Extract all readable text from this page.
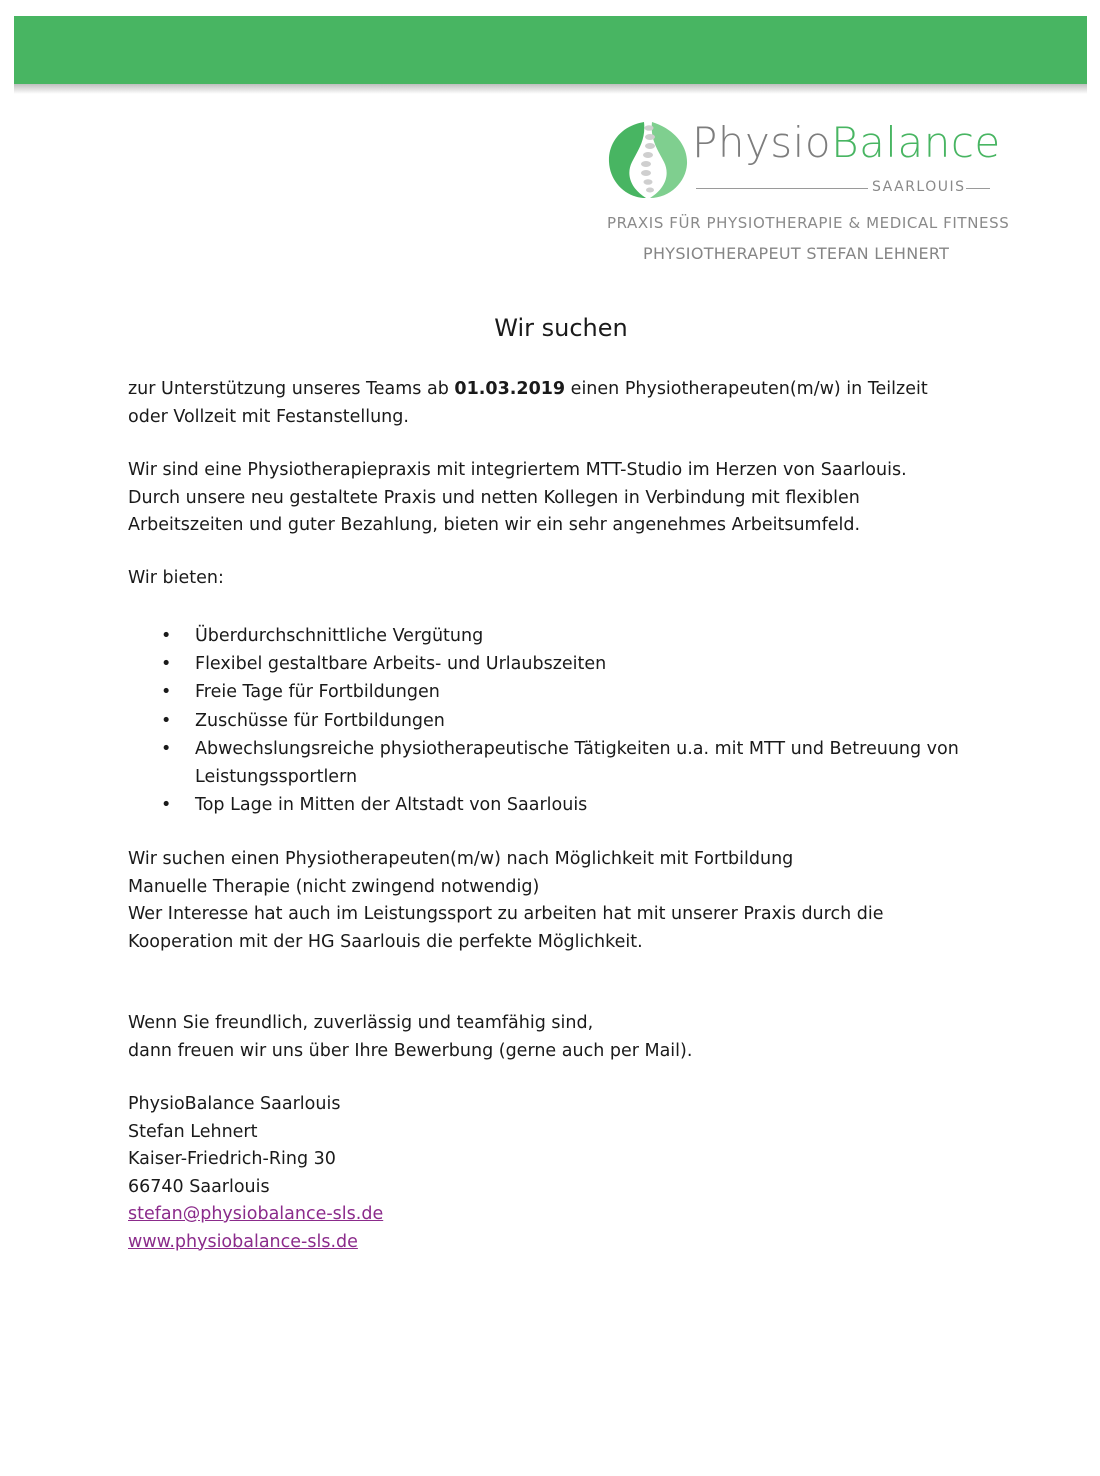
PhysioBalance
SAARLOUIS
PRAXIS FÜR PHYSIOTHERAPIE & MEDICAL FITNESS
PHYSIOTHERAPEUT STEFAN LEHNERT
Wir suchen

zur Unterstützung unseres Teams ab 01.03.2019 einen Physiotherapeuten(m/w) in Teilzeit

oder Vollzeit mit Festanstellung.

Wir sind eine Physiotherapiepraxis mit integriertem MTT-Studio im Herzen von Saarlouis.

Durch unsere neu gestaltete Praxis und netten Kollegen in Verbindung mit flexiblen

Arbeitszeiten und guter Bezahlung, bieten wir ein sehr angenehmes Arbeitsumfeld.

Wir bieten:
• Überdurchschnittliche Vergütung
• Flexibel gestaltbare Arbeits- und Urlaubszeiten
• Freie Tage für Fortbildungen
• Zuschüsse für Fortbildungen
• Abwechslungsreiche physiotherapeutische Tätigkeiten u.a. mit MTT und Betreuung von
Leistungssportlern
• Top Lage in Mitten der Altstadt von Saarlouis

Wir suchen einen Physiotherapeuten(m/w) nach Möglichkeit mit Fortbildung

Manuelle Therapie (nicht zwingend notwendig)

Wer Interesse hat auch im Leistungssport zu arbeiten hat mit unserer Praxis durch die

Kooperation mit der HG Saarlouis die perfekte Möglichkeit.

Wenn Sie freundlich, zuverlässig und teamfähig sind,

dann freuen wir uns über Ihre Bewerbung (gerne auch per Mail).

PhysioBalance Saarlouis

Stefan Lehnert

Kaiser-Friedrich-Ring 30

66740 Saarlouis

stefan@physiobalance-sls.de

www.physiobalance-sls.de
